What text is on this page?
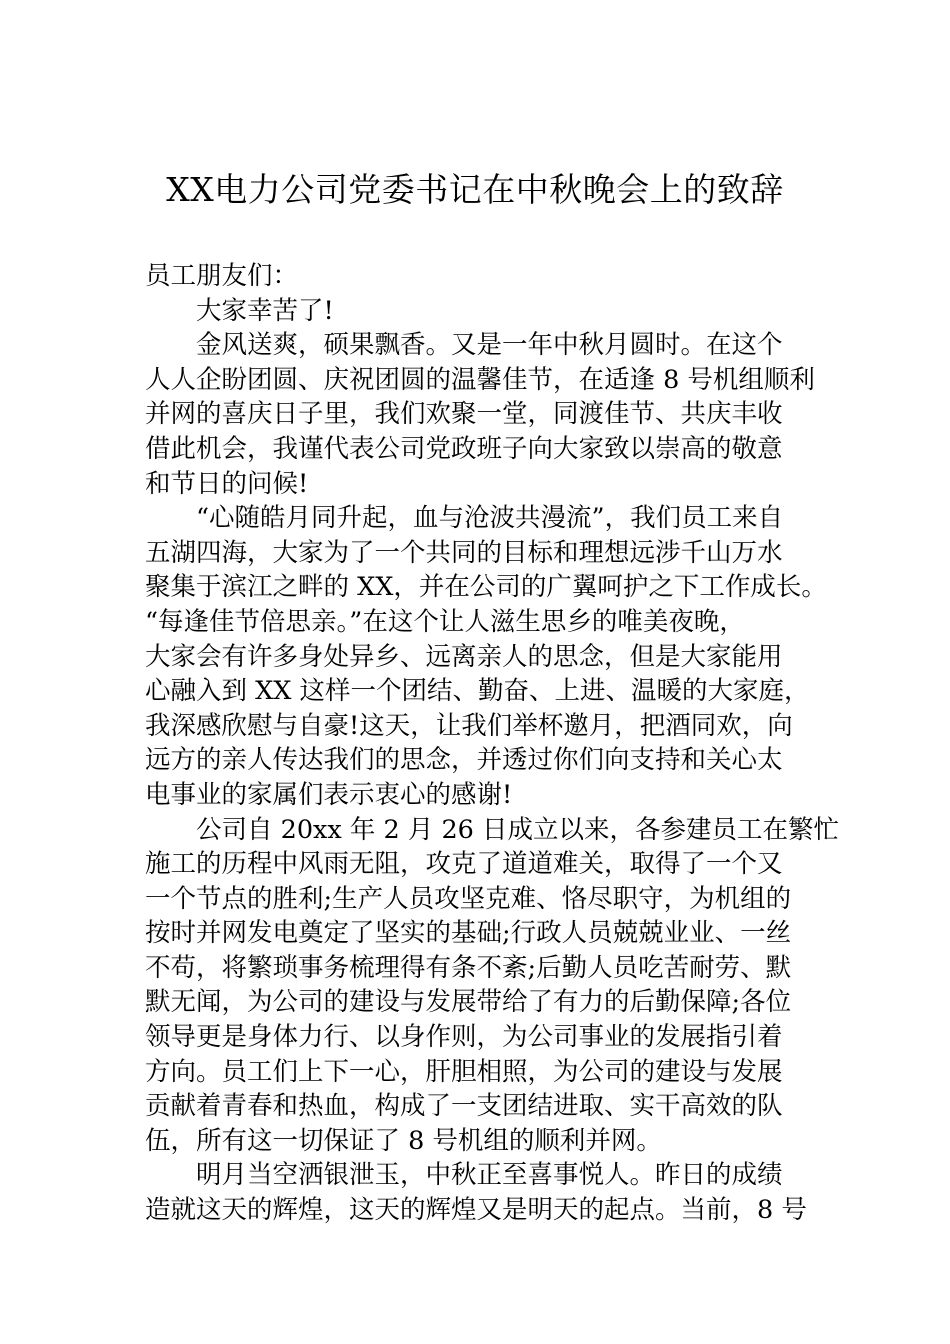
XX电力公司党委书记在中秋晚会上的致辞
员工朋友们：
大家幸苦了!
金风送爽，硕果飘香。又是一年中秋月圆时。在这个
人人企盼团圆、庆祝团圆的温馨佳节，在适逢 8 号机组顺利
并网的喜庆日子里，我们欢聚一堂，同渡佳节、共庆丰收
借此机会，我谨代表公司党政班子向大家致以崇高的敬意
和节日的问候!
“心随皓月同升起，血与沧波共漫流”，我们员工来自
五湖四海，大家为了一个共同的目标和理想远涉千山万水
聚集于滨江之畔的 XX，并在公司的广翼呵护之下工作成长。
“每逢佳节倍思亲。”在这个让人滋生思乡的唯美夜晚，
大家会有许多身处异乡、远离亲人的思念，但是大家能用
心融入到 XX 这样一个团结、勤奋、上进、温暖的大家庭，
我深感欣慰与自豪!这天，让我们举杯邀月，把酒同欢，向
远方的亲人传达我们的思念，并透过你们向支持和关心太
电事业的家属们表示衷心的感谢!
公司自 20xx 年 2 月 26 日成立以来，各参建员工在繁忙
施工的历程中风雨无阻，攻克了道道难关，取得了一个又
一个节点的胜利;生产人员攻坚克难、恪尽职守，为机组的
按时并网发电奠定了坚实的基础;行政人员兢兢业业、一丝
不苟，将繁琐事务梳理得有条不紊;后勤人员吃苦耐劳、默
默无闻，为公司的建设与发展带给了有力的后勤保障;各位
领导更是身体力行、以身作则，为公司事业的发展指引着
方向。员工们上下一心，肝胆相照，为公司的建设与发展
贡献着青春和热血，构成了一支团结进取、实干高效的队
伍，所有这一切保证了 8 号机组的顺利并网。
明月当空洒银泄玉，中秋正至喜事悦人。昨日的成绩
造就这天的辉煌，这天的辉煌又是明天的起点。当前，8 号
